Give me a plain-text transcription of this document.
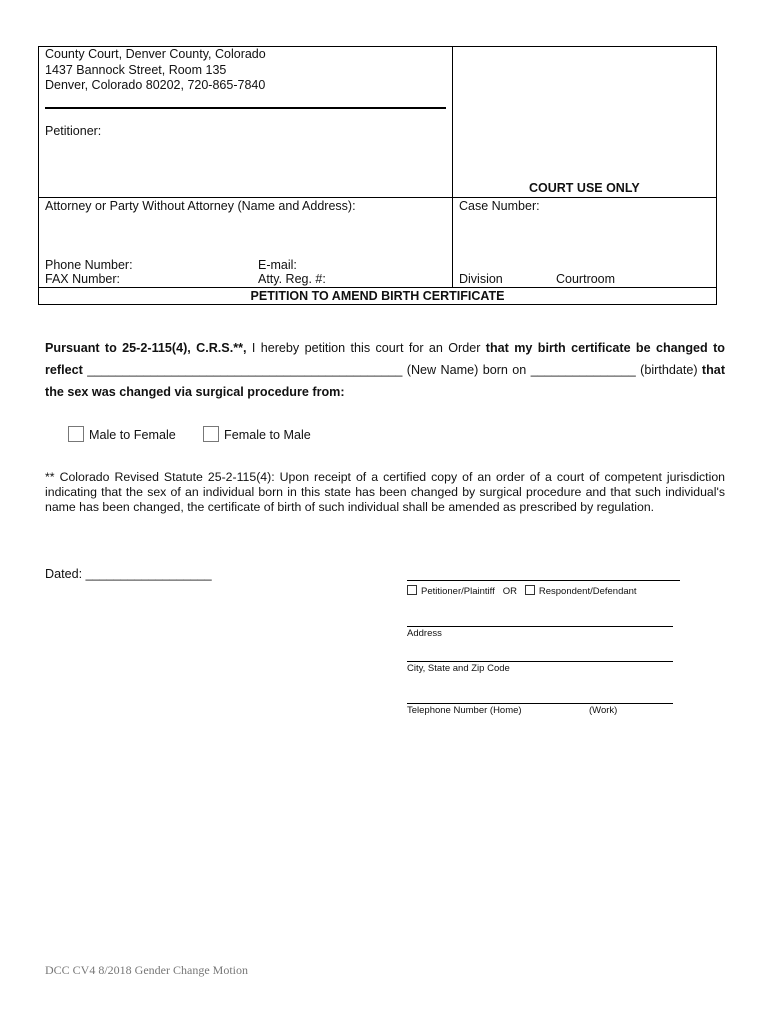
County Court, Denver County, Colorado
1437 Bannock Street, Room 135
Denver, Colorado 80202, 720-865-7840
Petitioner:
COURT USE ONLY
Attorney or Party Without Attorney (Name and Address):	Case Number:
Phone Number:	E-mail:
FAX Number:	Atty. Reg. #:	Division	Courtroom
PETITION TO AMEND BIRTH CERTIFICATE
Pursuant to 25-2-115(4), C.R.S.**, I hereby petition this court for an Order that my birth certificate be changed to reflect _____________________________________________ (New Name) born on _______________ (birthdate) that the sex was changed via surgical procedure from:
Male to Female	Female to Male
** Colorado Revised Statute 25-2-115(4): Upon receipt of a certified copy of an order of a court of competent jurisdiction indicating that the sex of an individual born in this state has been changed by surgical procedure and that such individual's name has been changed, the certificate of birth of such individual shall be amended as prescribed by regulation.
Dated: __________________
Petitioner/Plaintiff OR Respondent/Defendant
Address
City, State and Zip Code
Telephone Number (Home)	(Work)
DCC CV4 8/2018 Gender Change Motion
